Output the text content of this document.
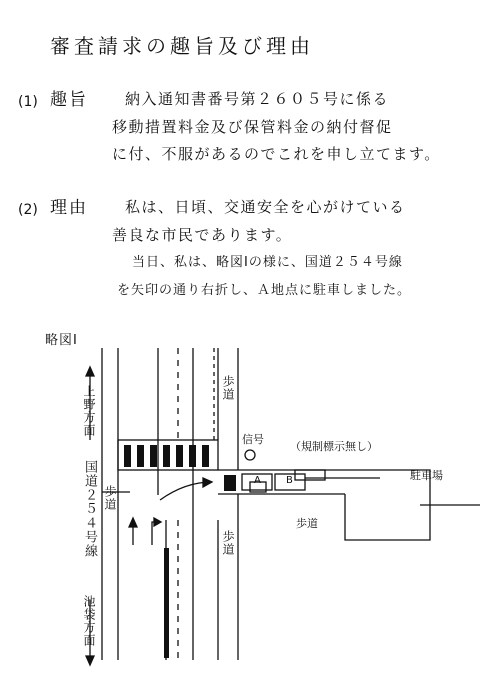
審査請求の趣旨及び理由
(1) 趣旨 納入通知書番号第２６０５号に係る
移動措置料金及び保管料金の納付督促
に付、不服があるのでこれを申し立てます。
(2) 理由 私は、日頃、交通安全を心がけている
善良な市民であります。
当日、私は、略図Ⅰの様に、国道２５４号線
を矢印の通り右折し、Ａ地点に駐車しました。
略図Ⅰ
上野方面
国道２５４号線
池袋方面
歩道
歩道
歩道
歩道
信号
（規制標示無し）
駐車場
A	B
